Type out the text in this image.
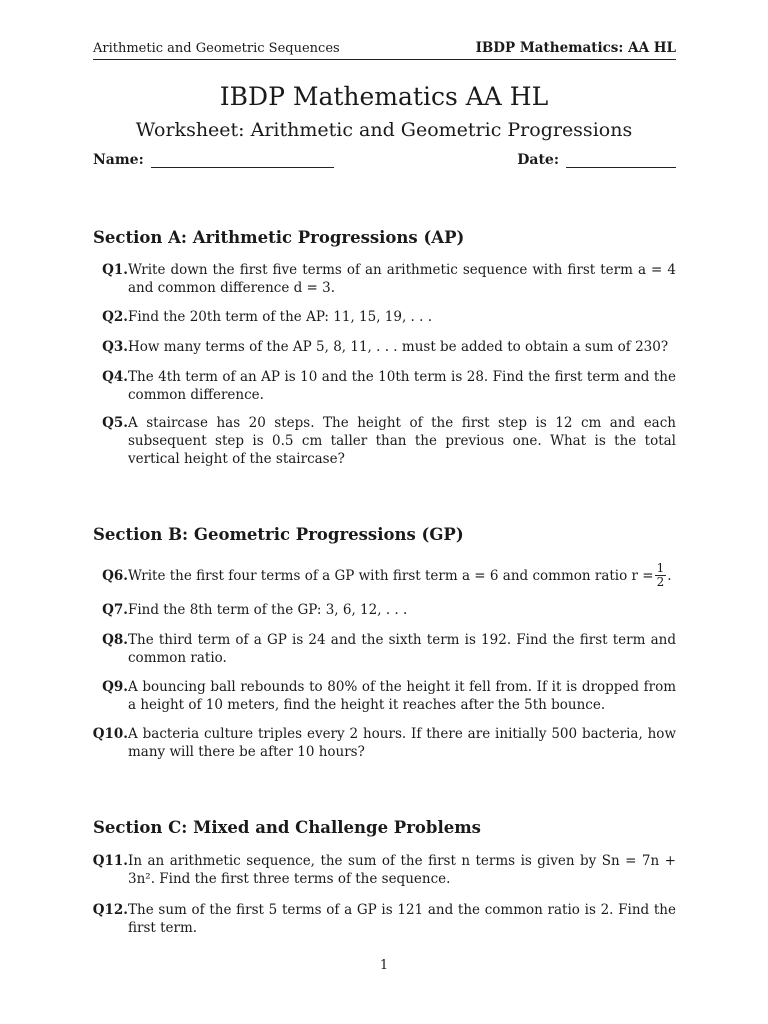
Arithmetic and Geometric Sequences	IBDP Mathematics: AA HL
IBDP Mathematics AA HL
Worksheet: Arithmetic and Geometric Progressions
Name:	Date:
Section A: Arithmetic Progressions (AP)
Q1. Write down the first five terms of an arithmetic sequence with first term a = 4 and common difference d = 3.
Q2. Find the 20th term of the AP: 11, 15, 19, . . .
Q3. How many terms of the AP 5, 8, 11, . . . must be added to obtain a sum of 230?
Q4. The 4th term of an AP is 10 and the 10th term is 28. Find the first term and the common difference.
Q5. A staircase has 20 steps. The height of the first step is 12 cm and each subsequent step is 0.5 cm taller than the previous one. What is the total vertical height of the staircase?
Section B: Geometric Progressions (GP)
Q6. Write the first four terms of a GP with first term a = 6 and common ratio $r = \frac{1}{2}$ .
Q7. Find the 8th term of the GP: 3, 6, 12, . . .
Q8. The third term of a GP is 24 and the sixth term is 192. Find the first term and common ratio.
Q9. A bouncing ball rebounds to 80% of the height it fell from. If it is dropped from a height of 10 meters, find the height it reaches after the 5th bounce.
Q10. A bacteria culture triples every 2 hours. If there are initially 500 bacteria, how many will there be after 10 hours?
Section C: Mixed and Challenge Problems
Q11. In an arithmetic sequence, the sum of the first n terms is given by Sn = 7n + 3n². Find the first three terms of the sequence.
Q12. The sum of the first 5 terms of a GP is 121 and the common ratio is 2. Find the first term.
1
